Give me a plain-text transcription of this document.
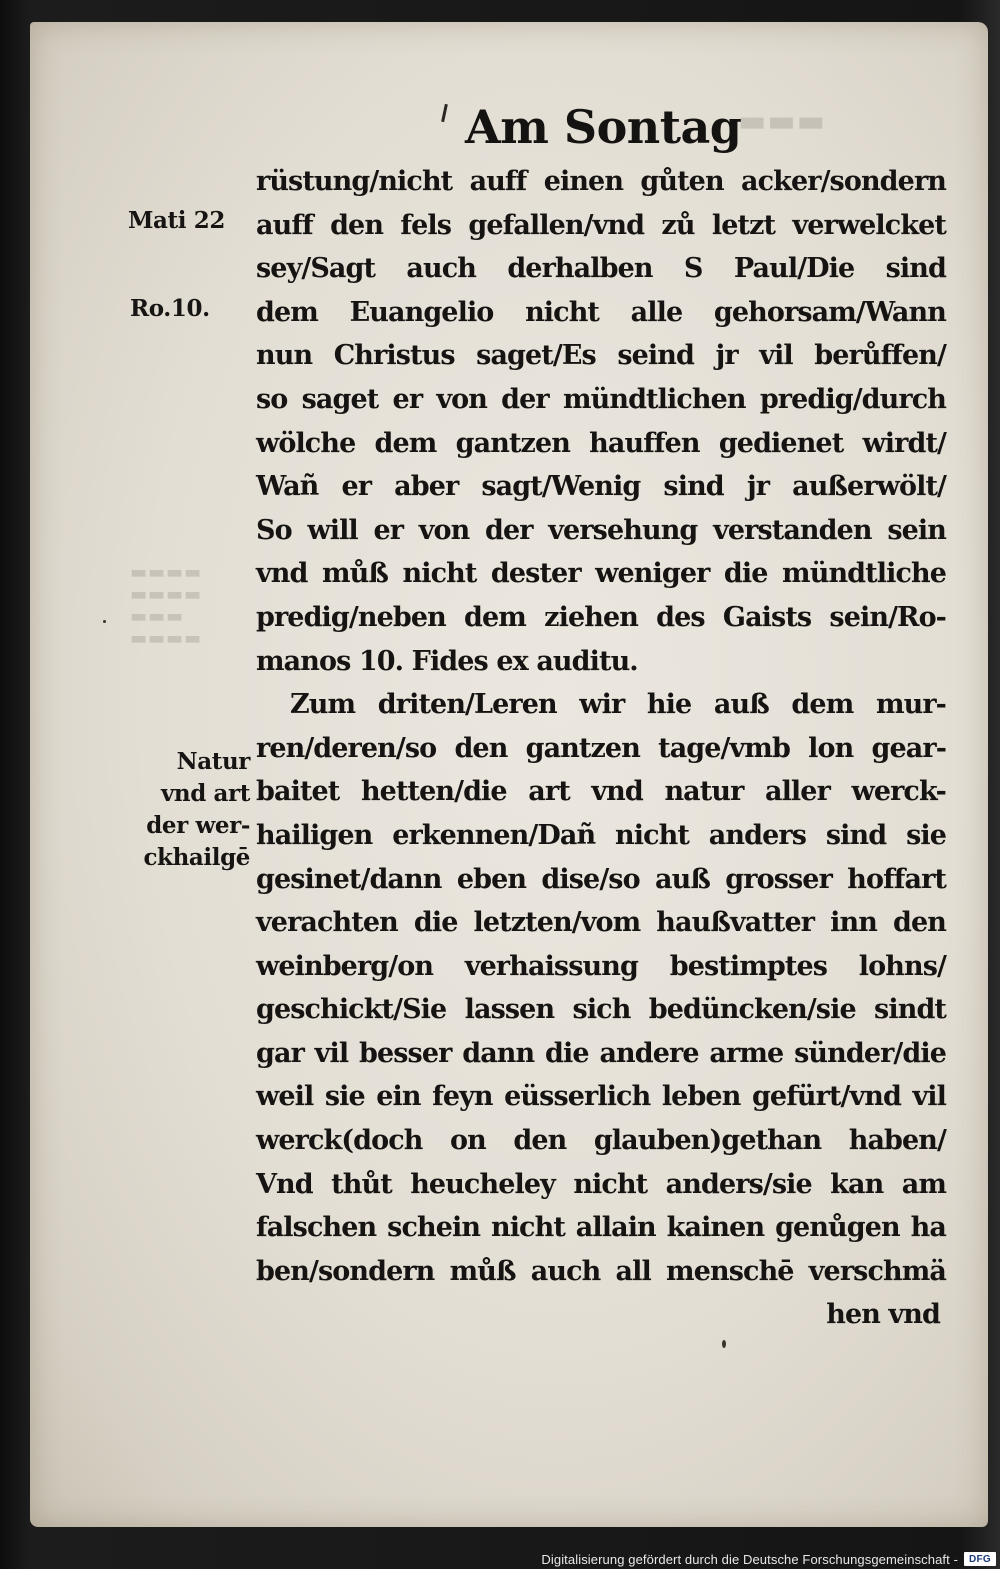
▬▬▬▬
▬▬▬▬
▬▬▬
▬▬▬▬
▬▬▬
Am Sontag
Mati 22
Ro.10.
Natur
vnd art
der wer-
ckhailgē
rüstung/nicht auff einen gůten acker/sondern
auff den fels gefallen/vnd zů letzt verwelcket
sey/Sagt auch derhalben S Paul/Die sind
dem Euangelio nicht alle gehorsam/Wann
nun Christus saget/Es seind jr vil berůffen/
so saget er von der mündtlichen predig/durch
wölche dem gantzen hauffen gedienet wirdt/
Wañ er aber sagt/Wenig sind jr außerwölt/
So will er von der versehung verstanden sein
vnd můß nicht dester weniger die mündtliche
predig/neben dem ziehen des Gaists sein/Ro-
manos 10. Fides ex auditu.
Zum driten/Leren wir hie auß dem mur-
ren/deren/so den gantzen tage/vmb lon gear-
baitet hetten/die art vnd natur aller werck-
hailigen erkennen/Dañ nicht anders sind sie
gesinet/dann eben dise/so auß grosser hoffart
verachten die letzten/vom haußvatter inn den
weinberg/on verhaissung bestimptes lohns/
geschickt/Sie lassen sich bedüncken/sie sindt
gar vil besser dann die andere arme sünder/die
weil sie ein feyn eüsserlich leben gefürt/vnd vil
werck(doch on den glauben)gethan haben/
Vnd thůt heucheley nicht anders/sie kan am
falschen schein nicht allain kainen genůgen ha
ben/sondern můß auch all menschē verschmä
hen vnd
Digitalisierung gefördert durch die Deutsche Forschungsgemeinschaft -	DFG
